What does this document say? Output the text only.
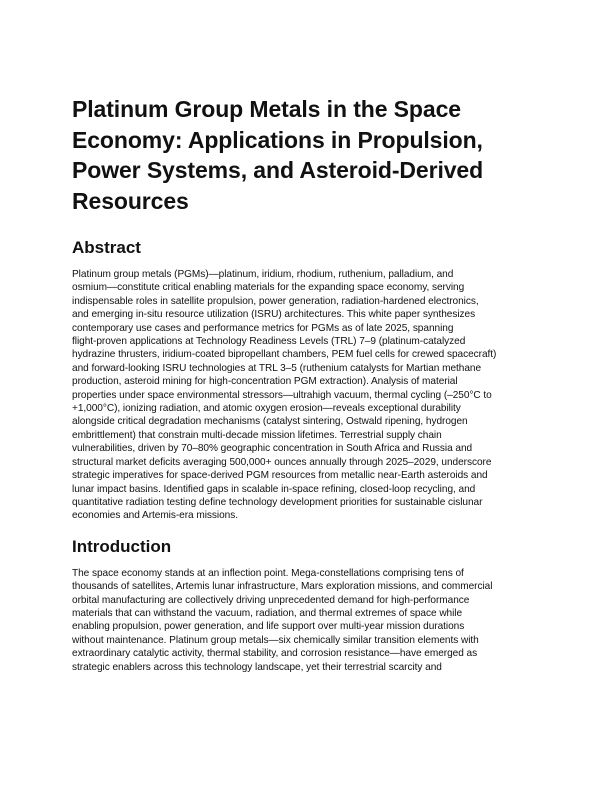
Platinum Group Metals in the Space
Economy: Applications in Propulsion,
Power Systems, and Asteroid-Derived
Resources
Abstract

Platinum group metals (PGMs)—platinum, iridium, rhodium, ruthenium, palladium, and
osmium—constitute critical enabling materials for the expanding space economy, serving
indispensable roles in satellite propulsion, power generation, radiation-hardened electronics,
and emerging in-situ resource utilization (ISRU) architectures. This white paper synthesizes
contemporary use cases and performance metrics for PGMs as of late 2025, spanning
flight-proven applications at Technology Readiness Levels (TRL) 7–9 (platinum-catalyzed
hydrazine thrusters, iridium-coated bipropellant chambers, PEM fuel cells for crewed spacecraft)
and forward-looking ISRU technologies at TRL 3–5 (ruthenium catalysts for Martian methane
production, asteroid mining for high-concentration PGM extraction). Analysis of material
properties under space environmental stressors—ultrahigh vacuum, thermal cycling (–250°C to
+1,000°C), ionizing radiation, and atomic oxygen erosion—reveals exceptional durability
alongside critical degradation mechanisms (catalyst sintering, Ostwald ripening, hydrogen
embrittlement) that constrain multi-decade mission lifetimes. Terrestrial supply chain
vulnerabilities, driven by 70–80% geographic concentration in South Africa and Russia and
structural market deficits averaging 500,000+ ounces annually through 2025–2029, underscore
strategic imperatives for space-derived PGM resources from metallic near-Earth asteroids and
lunar impact basins. Identified gaps in scalable in-space refining, closed-loop recycling, and
quantitative radiation testing define technology development priorities for sustainable cislunar
economies and Artemis-era missions.

Introduction

The space economy stands at an inflection point. Mega-constellations comprising tens of
thousands of satellites, Artemis lunar infrastructure, Mars exploration missions, and commercial
orbital manufacturing are collectively driving unprecedented demand for high-performance
materials that can withstand the vacuum, radiation, and thermal extremes of space while
enabling propulsion, power generation, and life support over multi-year mission durations
without maintenance. Platinum group metals—six chemically similar transition elements with
extraordinary catalytic activity, thermal stability, and corrosion resistance—have emerged as
strategic enablers across this technology landscape, yet their terrestrial scarcity and
